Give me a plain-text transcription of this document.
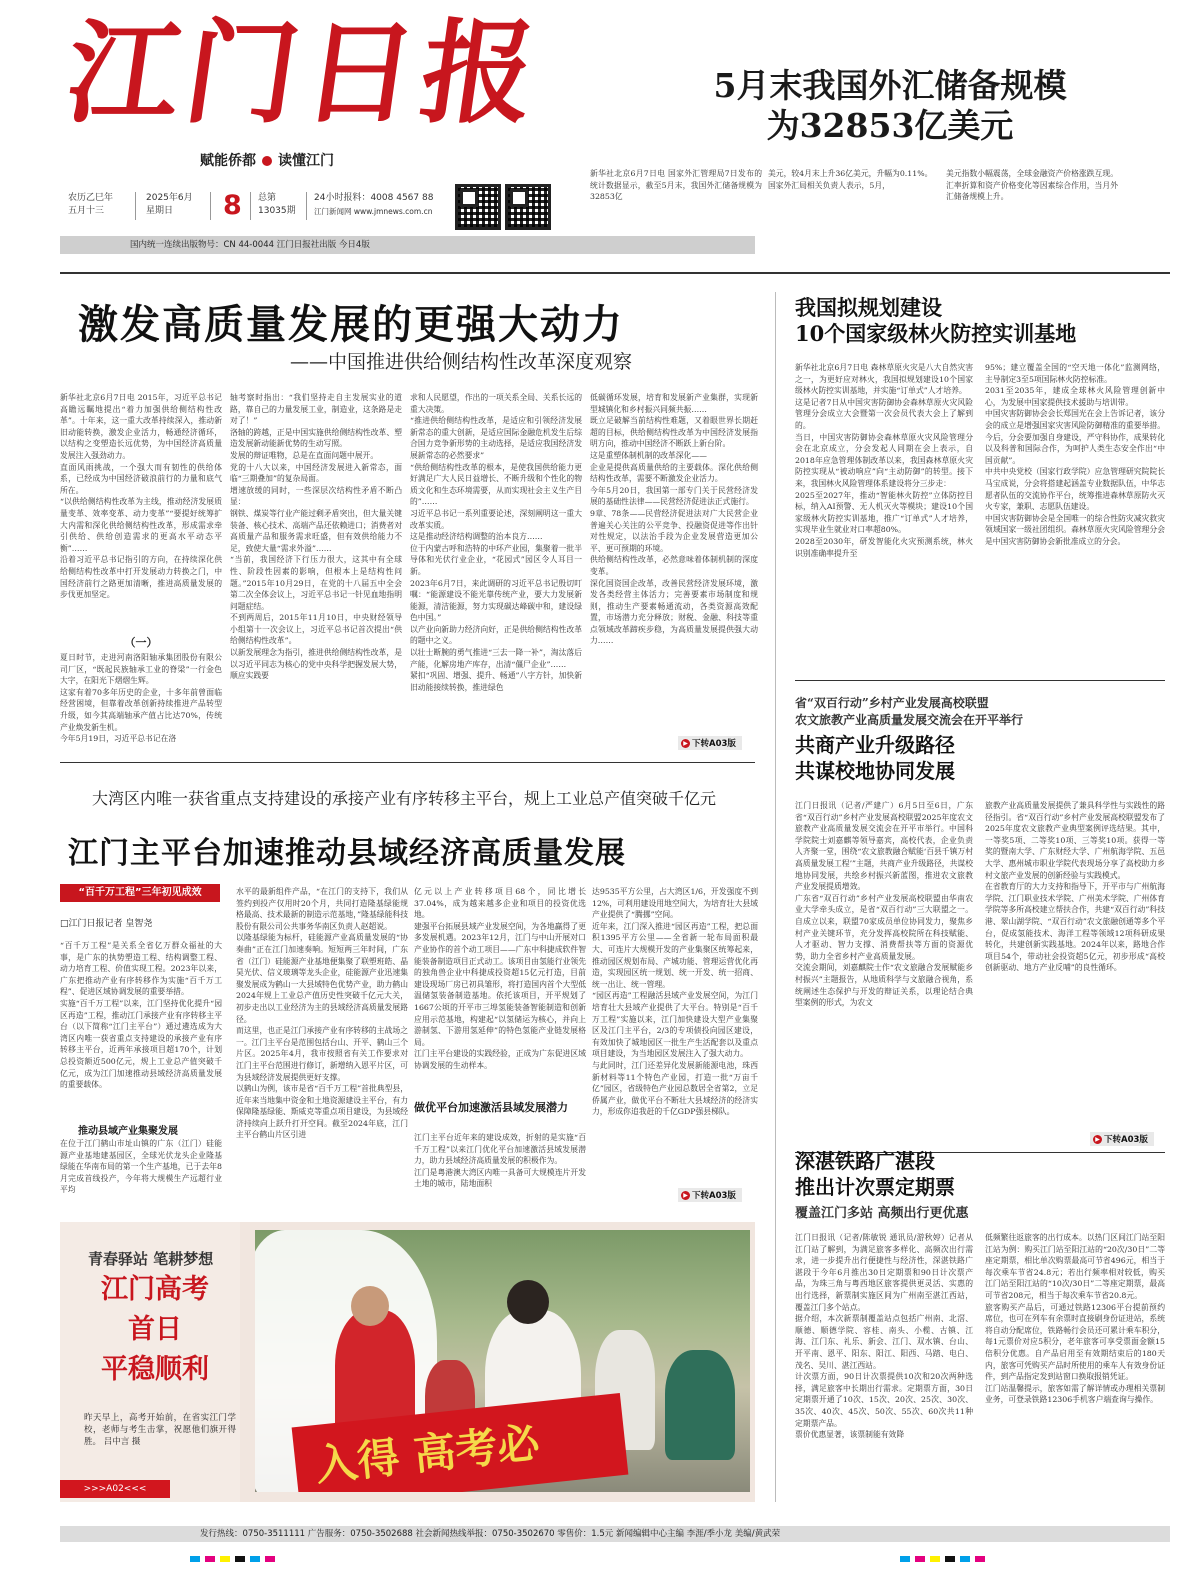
江门日报
赋能侨都 读懂江门
农历乙巳年
五月十三
2025年6月
星期日	8 总第
13035期
24小时报料：4008 4567 88
江门新闻网 www.jmnews.com.cn
国内统一连续出版物号：CN 44-0044 江门日报社出版 今日4版
5月末我国外汇储备规模
为32853亿美元
新华社北京6月7日电 国家外汇管理局7日发布的统计数据显示，截至5月末，我国外汇储备规模为32853亿
美元，较4月末上升36亿美元，升幅为0.11%。
国家外汇局相关负责人表示，5月，
美元指数小幅震荡，全球金融资产价格涨跌互现。汇率折算和资产价格变化等因素综合作用，当月外汇储备规模上升。
激发高质量发展的更强大动力
——中国推进供给侧结构性改革深度观察
新华社北京6月7日电 2015年，习近平总书记高瞻远瞩地提出“着力加强供给侧结构性改革”。十年来，这一重大改革持续深入，推动新旧动能转换，激发企业活力，畅通经济循环，以结构之变塑造长远优势，为中国经济高质量发展注入强劲动力。
直面风雨挑战，一个强大而有韧性的供给体系，已经成为中国经济破浪前行的力量和底气所在。
“以供给侧结构性改革为主线，推动经济发展质量变革、效率变革、动力变革”“要提好统筹扩大内需和深化供给侧结构性改革，形成需求牵引供给、供给创造需求的更高水平动态平衡”……
沿着习近平总书记指引的方向，在持续深化供给侧结构性改革中打开发展动力转换之门，中国经济前行之路更加清晰，推进高质量发展的步伐更加坚定。
（一）
夏日时节，走进河南洛阳轴承集团股份有限公司厂区，“既起民族轴承工业的脊梁”一行金色大字，在阳光下熠熠生辉。
这家有着70多年历史的企业，十多年前曾面临经营困境，但靠着改革创新持续推进产品转型升级，如今其高端轴承产值占比达70%，传统产业焕发新生机。
今年5月19日，习近平总书记在洛
轴考察时指出：“我们坚持走自主发展实业的道路，靠自己的力量发展工业，制造业，这条路是走对了！”
洛轴的跨越，正是中国实施供给侧结构性改革、塑造发展新动能新优势的生动写照。
发展的辩证唯物，总是在直面问题中展开。
党的十八大以来，中国经济发展进入新常态，面临“三期叠加”的复杂局面。
增速放缓的同时，一些深层次结构性矛盾不断凸显：
钢铁、煤炭等行业产能过剩矛盾突出，但大量关键装备、核心技术、高端产品还依赖进口；消费者对高质量产品和服务需求旺盛，但有效供给能力不足，致使大量“需求外溢”……
“当前，我国经济下行压力很大，这其中有全球性、阶段性因素的影响，但根本上是结构性问题。”2015年10月29日，在党的十八届五中全会第二次全体会议上，习近平总书记一针见血地指明问题症结。
不到两周后，2015年11月10日，中央财经领导小组第十一次会议上，习近平总书记首次提出“供给侧结构性改革”。
以新发展理念为指引，推进供给侧结构性改革，是以习近平同志为核心的党中央科学把握发展大势，顺应实践要
求和人民愿望，作出的一项关系全局、关系长远的重大决策。
“推进供给侧结构性改革，是适应和引领经济发展新常态的重大创新，是适应国际金融危机发生后综合国力竞争新形势的主动选择，是适应我国经济发展新常态的必然要求”
“供给侧结构性改革的根本，是使我国供给能力更好满足广大人民日益增长、不断升级和个性化的物质文化和生态环境需要，从而实现社会主义生产目的”……
习近平总书记一系列重要论述，深刻阐明这一重大改革实质。
这是推动经济结构调整的治本良方……
位于内蒙古呼和浩特的中环产业园，集聚着一批半导体和光伏行业企业，“花园式”园区令人耳目一新。
2023年6月7日，来此调研的习近平总书记殷切叮嘱：“能源建设不能光靠传统产业，要大力发展新能源，清洁能源，努力实现碳达峰碳中和，建设绿色中国。”
以产业向新助力经济向好，正是供给侧结构性改革的题中之义。
以壮士断腕的勇气推进“三去一降一补”，淘汰落后产能，化解房地产库存，出清“僵尸企业”……
紧扣“巩固、增强、提升、畅通”八字方针，加快新旧动能接续转换，推进绿色
低碳循环发展，培育和发展新产业集群，实现新型城镇化和乡村振兴同频共振……
既立足破解当前结构性难题，又着眼世界长期赶超的目标，供给侧结构性改革为中国经济发展指明方向，推动中国经济不断跃上新台阶。
这是重塑体制机制的改革深化——
企业是提供高质量供给的主要载体。深化供给侧结构性改革，需要不断激发企业活力。
今年5月20日，我国第一部专门关于民营经济发展的基础性法律——民营经济促进法正式施行。
9章、78条——民营经济促进法对广大民营企业普遍关心关注的公平竞争、投融资促进等作出针对性规定，以法治手段为企业发展营造更加公平、更可预期的环境。
供给侧结构性改革，必然意味着体制机制的深度变革。
深化国资国企改革，改善民营经济发展环境，激发各类经营主体活力；完善要素市场制度和规则，推动生产要素畅通流动，各类资源高效配置，市场潜力充分释放；财税、金融、科技等重点领域改革蹄疾步稳，为高质量发展提供强大动力……
▶ 下转A03版
大湾区内唯一获省重点支持建设的承接产业有序转移主平台，规上工业总产值突破千亿元
江门主平台加速推动县域经济高质量发展
“百千万工程”三年初见成效
□江门日报记者 皇智尧
“百千万工程”是关系全省亿万群众福祉的大事，是广东的执势塑造工程、结构调整工程、动力培育工程、价值实现工程。2023年以来，广东把推动产业有序转移作为实施“百千万工程”、促进区域协调发展的重要举措。
实施“百千万工程”以来，江门坚持优化提升“园区再造”工程，推动江门承接产业有序转移主平台（以下简称“江门主平台”）通过遴选成为大湾区内唯一获省重点支持建设的承接产业有序转移主平台，近两年承接项目超170个，计划总投资额近500亿元，规上工业总产值突破千亿元，成为江门加速推动县域经济高质量发展的重要载体。
推动县域产业集聚发展
在位于江门鹤山市址山镇的广东（江门）硅能源产业基地建基园区，全球光伏龙头企业隆基绿能在华南布局的第一个生产基地，已于去年8月完成首线投产，今年将大规模生产远超行业平均
水平的最新组件产品，“在江门的支持下，我们从签约到投产仅用时20个月，共同打造隆基绿能规格最高、技术最新的制造示范基地，”隆基绿能科技股份有限公司公共事务华南区负责人赵超说。
以隆基绿能为标杆，硅能源产业高质量发展的“协奏曲”正在江门加速奏响。短短两三年时间，广东省（江门）硅能源产业基地便集聚了联塑班皓、晶昊光伏、信义玻璃等龙头企业，硅能源产业迅速集聚发展成为鹤山一大县域特色优势产业，助力鹤山2024年规上工业总产值历史性突破千亿元大关，初步走出以工业经济为主的县域经济高质量发展路径。
而这里，也正是江门承接产业有序转移的主战场之一。江门主平台是范围包括台山、开平、鹤山三个片区。2025年4月，我市按照省有关工作要求对江门主平台范围进行修订，新增纳入恩平片区，可为县域经济发展提供更好支撑。
以鹤山为例，该市是省“百千万工程”首批典型县，近年来当地集中资金和土地资源建设主平台，有力保障隆基绿能、斯威克等重点项目建设，为县域经济持续向上跃升打开空间。截至2024年底，江门主平台鹤山片区引进
亿元以上产业转移项目68个，同比增长37.04%，成为越来越多企业和项目的投资优选地。
建强平台拓展县域产业发展空间，为各地赢得了更多发展机遇。2023年12月，江门与中山开展对口产业协作的首个动工项目——广东中科捷成软件智能装备制造项目正式动工。该项目由氢能行业领先的独角兽企业中科捷成投资超15亿元打造，目前建设现场厂房已初具雏形，将打造国内首个大型低温储氢装备制造基地。依托该项目，开平规划了1667公顷的开平市三埠氢能装备智能制造和创新应用示范基地，构建起“以氢储运为核心，并向上游制氢、下游用氢延伸”的特色氢能产业链发展格局。
江门主平台建设的实践经验，正成为广东促进区域协调发展的生动样本。
做优平台加速激活县域发展潜力
江门主平台近年来的建设成效，折射的是实施“百千万工程”以来江门优化平台加速激活县域发展潜力，助力县域经济高质量发展的积极作为。
江门是粤港澳大湾区内唯一具备可大规模连片开发土地的城市，陆地面积
达9535平方公里，占大湾区1/6，开发强度不到12%，可利用建设用地空间大，为培育壮大县域产业提供了“腾挪”空间。
近年来，江门深入推进“园区再造”工程，把总面积1395平方公里——全省新一轮布局面积最大、可连片大规模开发的产业集聚区统筹起来，推动园区规划布局、产城功能、管理运营优化再造，实现园区统一规划、统一开发、统一招商、统一出让、统一管理。
“园区再造”工程融活县域产业发展空间，为江门培育壮大县域产业提供了大平台。特别是“百千万工程”实施以来，江门加快建设大型产业集聚区及江门主平台，2/3的专项债投向园区建设，有效加快了城地园区一批生产生活配套以及重点项目建设，为当地园区发展注入了强大动力。
与此同时，江门还差异化发展新能源电池，珠西新材料等11个特色产业园，打造一批“万亩千亿”园区，省级特色产业园总数居全省第2，立足侨属产业，做优平台不断壮大县域经济的经济实力，形成你追我赶的千亿GDP强县梯队。
▶ 下转A03版
青春驿站 笔耕梦想
江门高考
首日
平稳顺利
昨天早上，高考开始前，在省实江门学校，老师与考生击掌，祝愿他们旗开得胜。 吕中言 摄
>>>A02<<<	入得 高考必
我国拟规划建设
10个国家级林火防控实训基地
新华社北京6月7日电 森林草原火灾是八大自然灾害之一，为更好应对林火，我国拟规划建设10个国家级林火防控实训基地，并实施“订单式”人才培养。
这是记者7日从中国灾害防御协会森林草原火灾风险管理分会成立大会暨第一次会员代表大会上了解到的。
当日，中国灾害防御协会森林草原火灾风险管理分会在北京成立，分会发起人同期在会上表示，自2018年应急管理体制改革以来，我国森林草原火灾防控实现从“被动响应”向“主动防御”的转型。接下来，我国林火风险管理体系建设将分三步走：
2025至2027年，推动“智能林火防控”立体防控目标，纳入AI预警、无人机灭火等模块；建设10个国家级林火防控实训基地，推广“订单式”人才培养，实现毕业生就业对口率超80%。
2028至2030年，研发智能化火灾预测系统，林火识别准确率提升至
95%；建立覆盖全国的“空天地一体化”监测网络，主导制定3至5项国际林火防控标准。
2031至2035年，建成全球林火风险管理创新中心，为发展中国家提供技术援助与培训带。
中国灾害防御协会会长郑国光在会上告诉记者，该分会的成立是增强国家灾害风险防御精准的重要举措。今后，分会要加强自身建设，严守科协作，成果转化以及科普和国际合作，为呵护人类生态安全作出“中国贡献”。
中共中央党校（国家行政学院）应急管理研究院院长马宝成说，分会将搭建起涵盖专业数据队伍，中华志愿者队伍的交流协作平台，统筹推进森林草原防火灭火专家，兼职、志愿队伍建设。
中国灾害防御协会是全国唯一的综合性防灾减灾救灾领域国家一级社团组织。森林草原火灾风险管理分会是中国灾害防御协会新批准成立的分会。
省“双百行动”乡村产业发展高校联盟
农文旅教产业高质量发展交流会在开平举行
共商产业升级路径
共谋校地协同发展
江门日报讯（记者/严建广）6月5日至6日，广东省“双百行动”乡村产业发展高校联盟2025年度农文旅教产业高质量发展交流会在开平市举行。中国科学院院士刘嘉麒等领导嘉宾，高校代表，企业负责人齐聚一堂，围绕“农文旅教融合赋能‘百县千镇万村高质量发展工程’”主题，共商产业升级路径，共谋校地协同发展，共绘乡村振兴新蓝图，推进农文旅教产业发展提质增效。
广东省“双百行动”乡村产业发展高校联盟由华南农业大学牵头成立，是省“双百行动”三大联盟之一。自成立以来，联盟70家成员单位协同发力，聚焦乡村产业关键环节，充分发挥高校院所在科技赋能、人才驱动、智力支撑、消费帮扶等方面的资源优势，助力全省乡村产业高质量发展。
交流会期间，刘嘉麒院士作“农文旅融合发展赋能乡村振兴”主题报告，从地质科学与文旅融合视角，系统阐述生态保护与开发的辩证关系，以理论结合典型案例的形式，为农文
旅教产业高质量发展提供了兼具科学性与实践性的路径指引。省“双百行动”乡村产业发展高校联盟发布了2025年度农文旅教产业典型案例评选结果。其中，一等奖5项、二等奖10项、三等奖10项。获得一等奖的暨南大学、广东财经大学、广州航海学院、五邑大学、惠州城市职业学院代表现场分享了高校助力乡村文旅产业发展的创新经验与实践模式。
在省教育厅的大力支持和指导下，开平市与广州航海学院、江门职业技术学院、广州美术学院、广州体育学院等多所高校建立帮扶合作，共建“双百行动”科技港、翠山湖学院、“双百行动”农文旅融创通等多个平台，促成氢能技术、海洋工程等领域12项科研成果转化，共建创新实践基地。2024年以来，路地合作项目54个，带动社会投资超5亿元，初步形成“高校创新驱动、地方产业反哺”的良性循环。
▶ 下转A03版
深湛铁路广湛段
推出计次票定期票
覆盖江门多站 高频出行更优惠
江门日报讯（记者/陈敏锐 通讯员/游秋婷）记者从江门站了解到，为满足旅客多样化、高频次出行需求，进一步提升出行便捷性与经济性，深湛铁路广湛段于今年6月推出30日定期票和90日计次票产品，为珠三角与粤西地区旅客提供更灵活、实惠的出行选择，新票制实施区间为广州南至湛江西站，覆盖江门多个站点。
据介绍，本次新票制覆盖站点包括广州南、北滘、顺德、顺德学院、容桂、南头、小榄、古镇、江海、江门东、礼乐、新会、江门、双水镇、台山、开平南、恩平、阳东、阳江、阳西、马踏、电白、茂名、吴川、湛江西站。
计次票方面，90日计次票提供10次和20次两种选择，满足旅客中长期出行需求。定期票方面，30日定期票开通了10次、15次、20次、25次、30次、35次、40次、45次、50次、55次、60次共11种定期票产品。
票价优惠显著，该票制能有效降
低频繁往返旅客的出行成本。以热门区间江门站至阳江站为例：购买江门站至阳江站的“20次/30日”二等座定期票，相比单次购票最高可节省496元，相当于每次乘车节省24.8元；若出行频率相对较低，购买江门站至阳江站的“10次/30日”二等座定期票，最高可节省208元，相当于每次乘车节省20.8元。
旅客购买产品后，可通过铁路12306平台提前预约席位，也可在列车有余票时直接刷身份证进站，系统将自动分配席位，铁路畅行会员还可累计乘车积分，每1元票价对应5积分，老年旅客可享受票面金额15倍积分优惠。自产品启用至有效期结束后的180天内，旅客可凭购买产品时所使用的乘车人有效身份证件，到产品指定发到站窗口换取报销凭证。
江门站温馨提示，旅客如需了解详情或办理相关票制业务，可登录铁路12306手机客户端查询与操作。
发行热线：0750-3511111 广告服务：0750-3502688 社会新闻热线举报：0750-3502670 零售价：1.5元 新闻编辑中心主编 李涯/季小龙 美编/黄武荣
